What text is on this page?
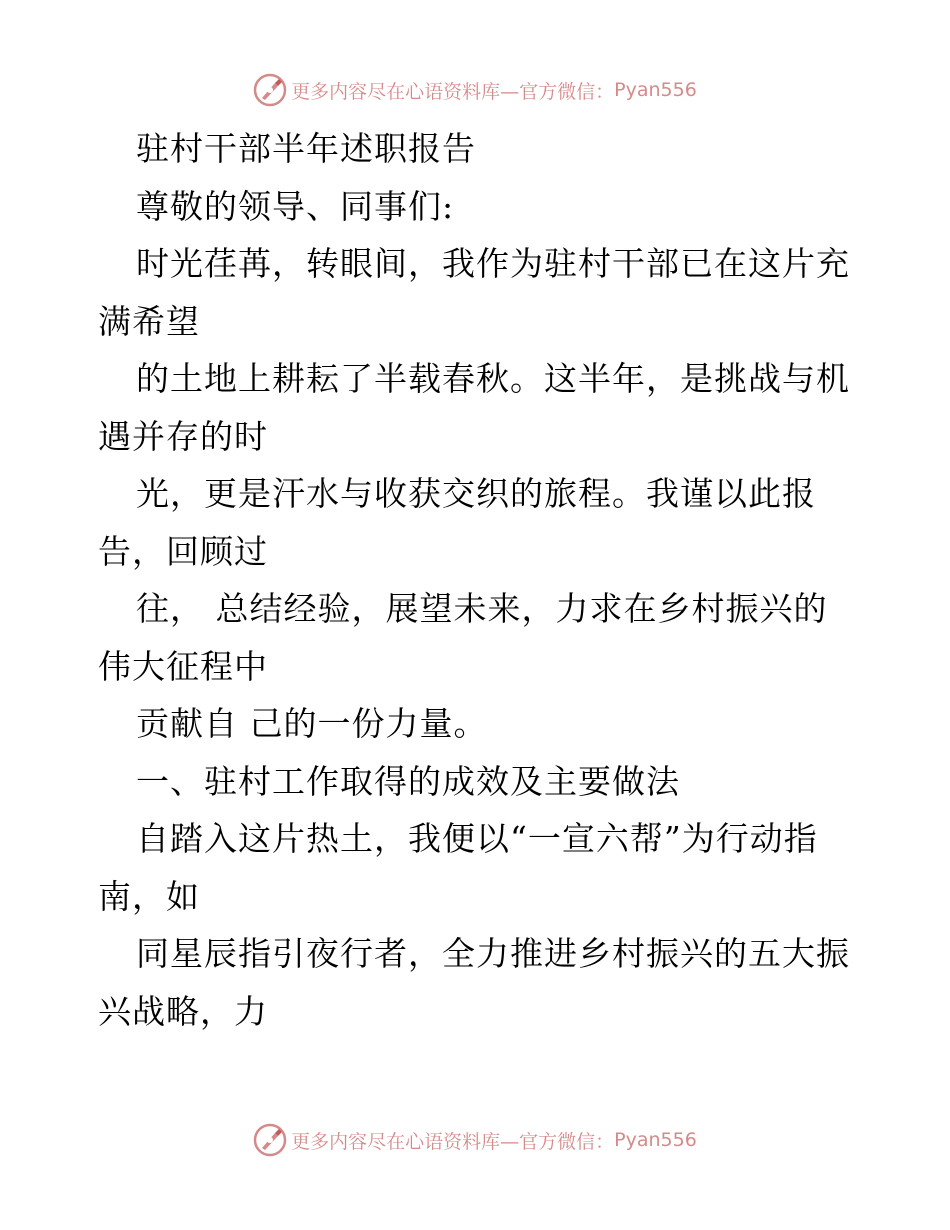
更多内容尽在心语资料库—官方微信： Pyan556
驻村干部半年述职报告
尊敬的领导、同事们:
时光荏苒，转眼间，我作为驻村干部已在这片充
满希望
的土地上耕耘了半载春秋。这半年，是挑战与机
遇并存的时
光，更是汗水与收获交织的旅程。我谨以此报
告，回顾过
往， 总结经验，展望未来，力求在乡村振兴的
伟大征程中
贡献自 己的一份力量。
一、驻村工作取得的成效及主要做法
自踏入这片热土，我便以“一宣六帮”为行动指
南，如
同星辰指引夜行者，全力推进乡村振兴的五大振
兴战略，力
更多内容尽在心语资料库—官方微信： Pyan556
